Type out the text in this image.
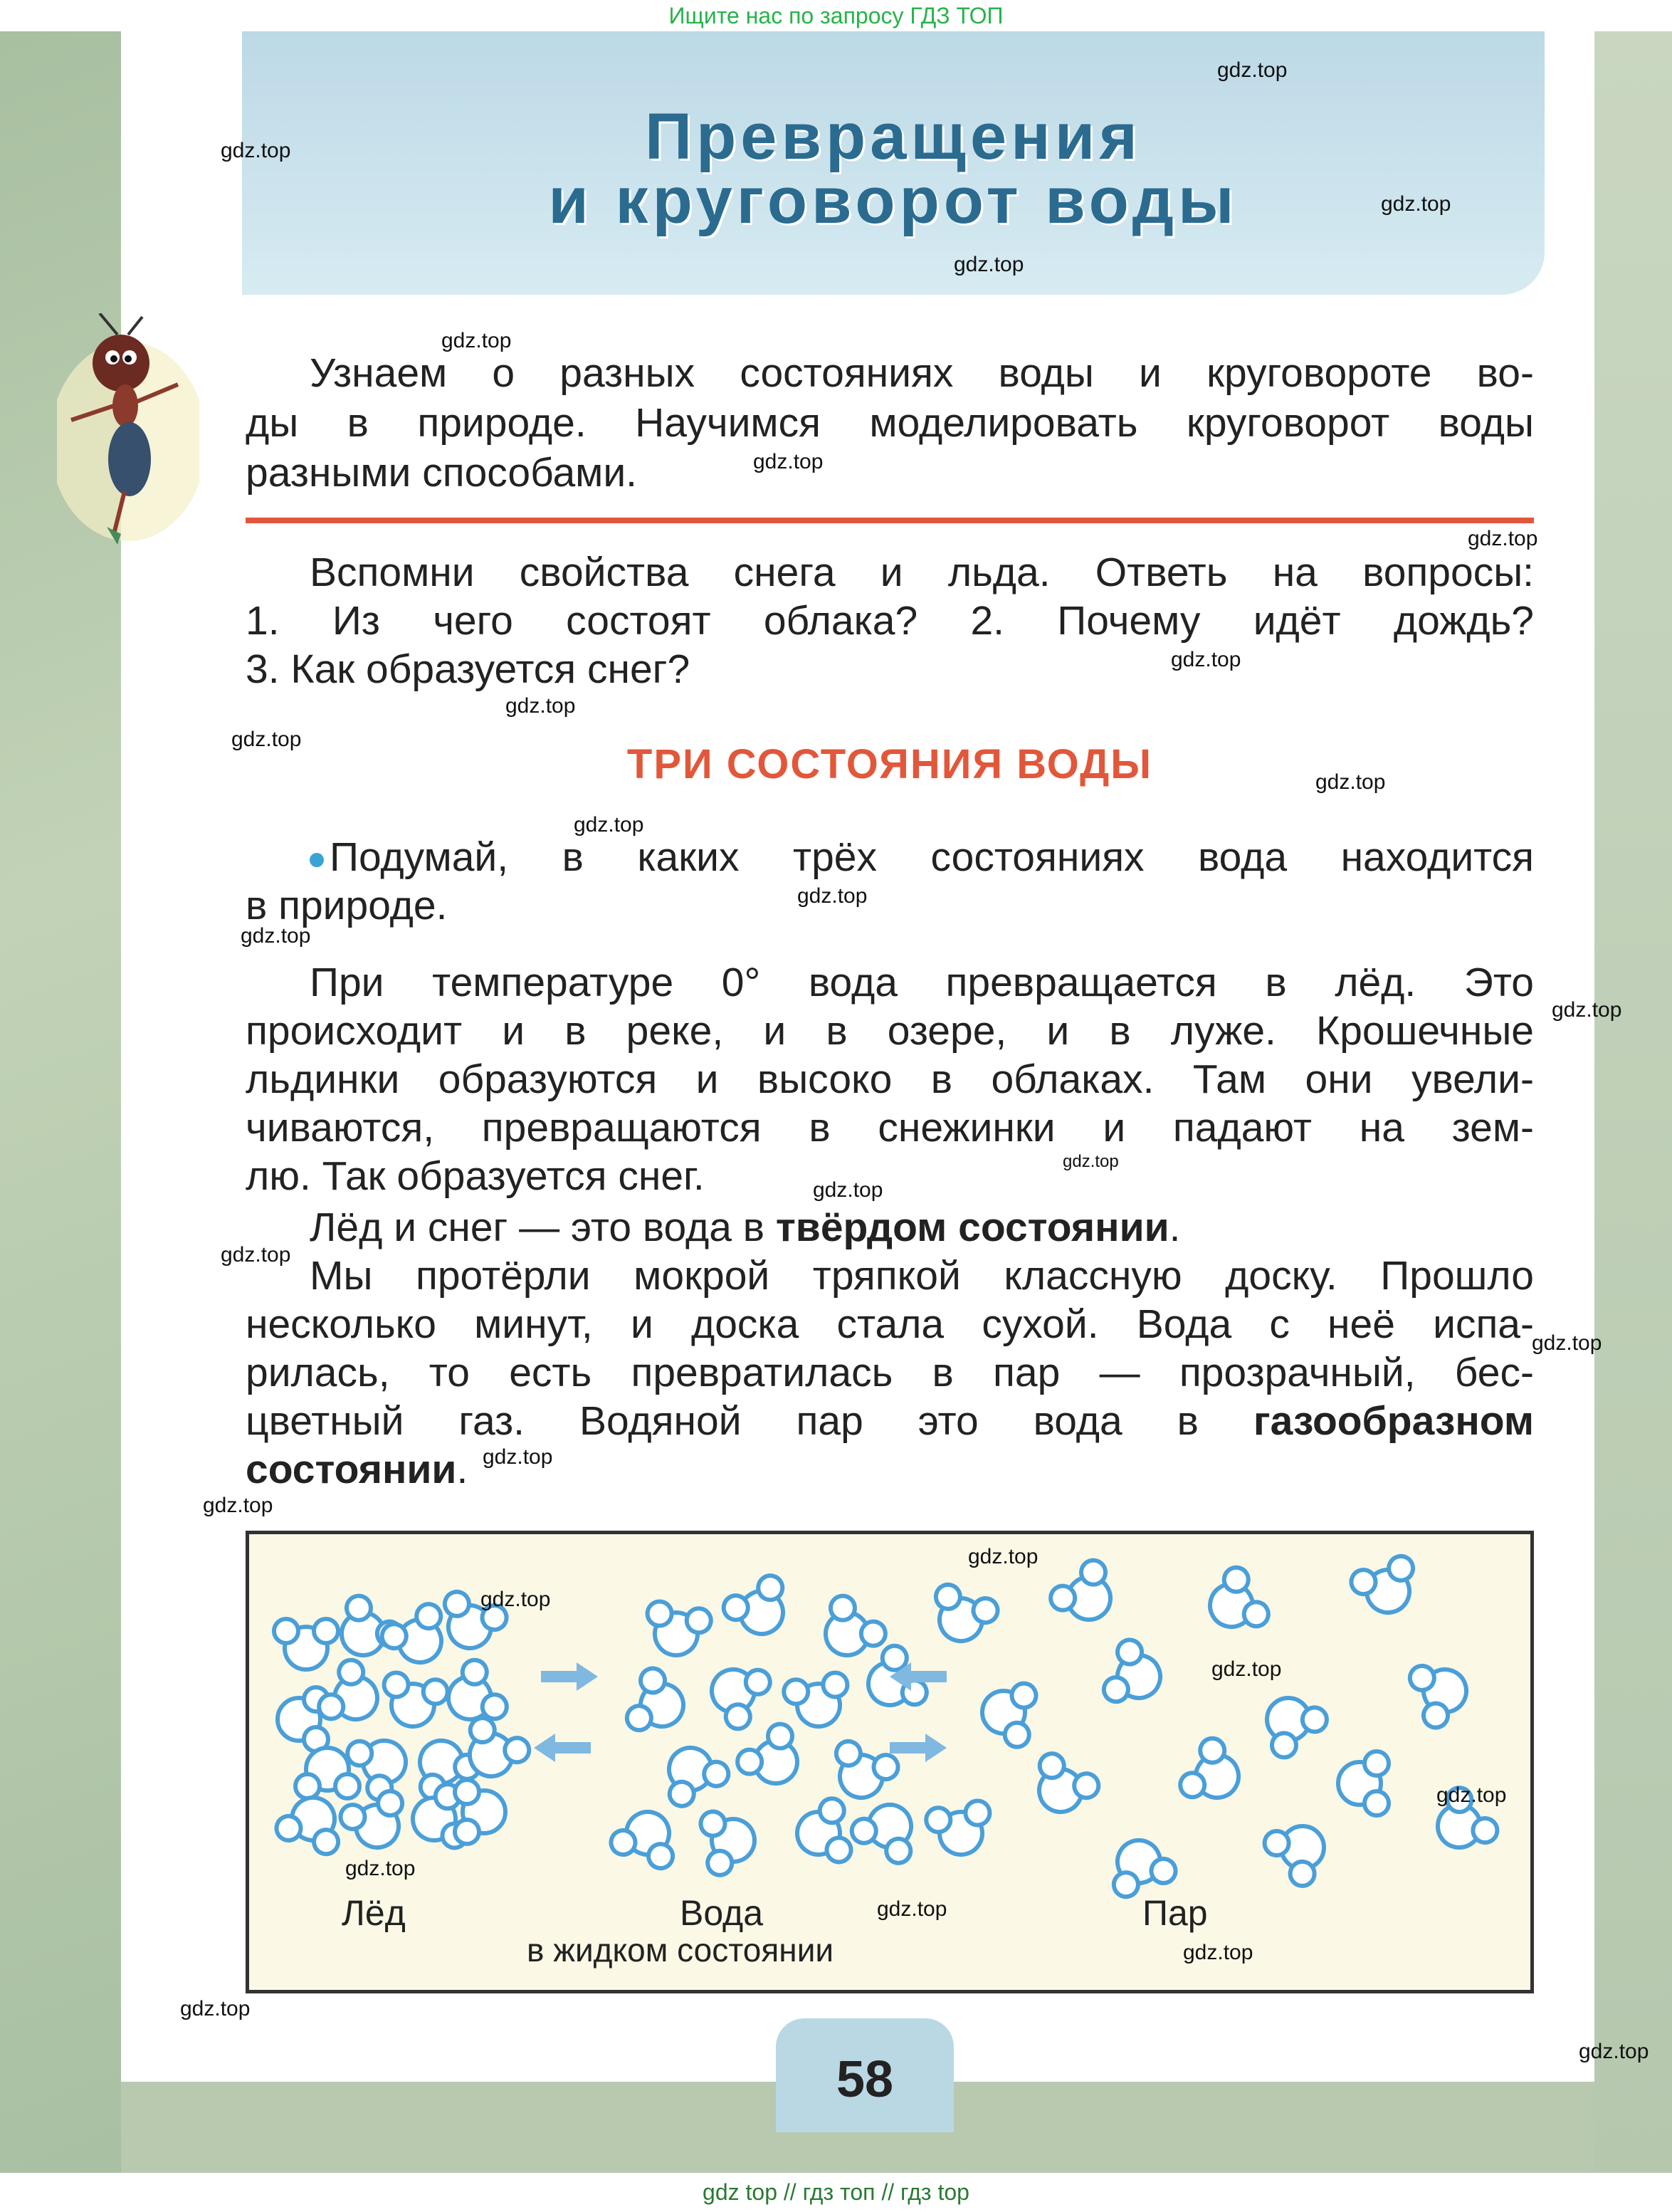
Ищите нас по запросу ГДЗ ТОП
Превращения
и круговорот воды
Узнаем о разных состояниях воды и круговороте во-
ды в природе. Научимся моделировать круговорот воды
разными способами.
Вспомни свойства снега и льда. Ответь на вопросы:
1. Из чего состоят облака? 2. Почему идёт дождь?
3. Как образуется снег?
ТРИ СОСТОЯНИЯ ВОДЫ
Подумай, в каких трёх состояниях вода находится
в природе.
При температуре 0° вода превращается в лёд. Это
происходит и в реке, и в озере, и в луже. Крошечные
льдинки образуются и высоко в облаках. Там они увели-
чиваются, превращаются в снежинки и падают на зем-
лю. Так образуется снег.
Лёд и снег — это вода в твёрдом состоянии.
Мы протёрли мокрой тряпкой классную доску. Прошло
несколько минут, и доска стала сухой. Вода с неё испа-
рилась, то есть превратилась в пар — прозрачный, бес-
цветный газ. Водяной пар это вода в газообразном
состоянии.
Лёд	Вода
в жидком состоянии
Пар
58
gdz.top
gdz.top
gdz.top
gdz.top
gdz.top
gdz.top
gdz.top
gdz.top
gdz.top
gdz.top
gdz.top
gdz.top
gdz.top
gdz.top
gdz.top
gdz.top
gdz.top
gdz.top
gdz.top
gdz.top
gdz.top
gdz.top
gdz.top
gdz.top
gdz.top
gdz.top
gdz.top
gdz.top
gdz.top
gdz.top
gdz top // гдз топ // гдз top
